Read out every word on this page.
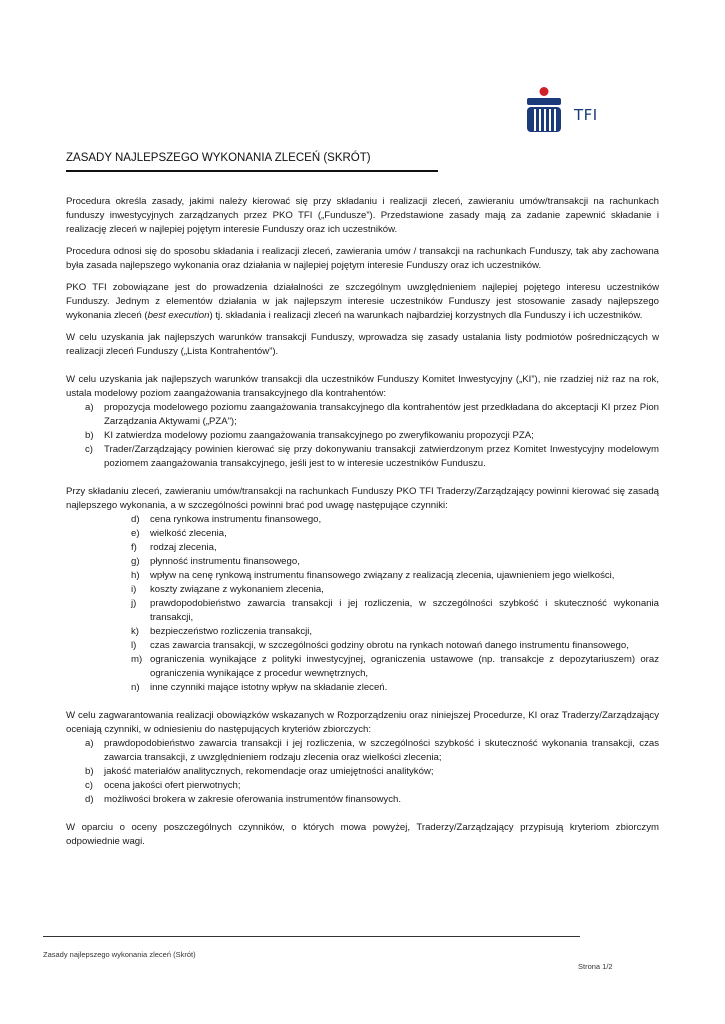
TFI
ZASADY NAJLEPSZEGO WYKONANIA ZLECEŃ (SKRÓT)

Procedura określa zasady, jakimi należy kierować się przy składaniu i realizacji zleceń, zawieraniu umów/transakcji na rachunkach funduszy inwestycyjnych zarządzanych przez PKO TFI („Fundusze”). Przedstawione zasady mają za zadanie zapewnić składanie i realizację zleceń w najlepiej pojętym interesie Funduszy oraz ich uczestników.

Procedura odnosi się do sposobu składania i realizacji zleceń, zawierania umów / transakcji na rachunkach Funduszy, tak aby zachowana była zasada najlepszego wykonania oraz działania w najlepiej pojętym interesie Funduszy oraz ich uczestników.

PKO TFI zobowiązane jest do prowadzenia działalności ze szczególnym uwzględnieniem najlepiej pojętego interesu uczestników Funduszy. Jednym z elementów działania w jak najlepszym interesie uczestników Funduszy jest stosowanie zasady najlepszego wykonania zleceń (best execution) tj. składania i realizacji zleceń na warunkach najbardziej korzystnych dla Funduszy i ich uczestników.

W celu uzyskania jak najlepszych warunków transakcji Funduszy, wprowadza się zasady ustalania listy podmiotów pośredniczących w realizacji zleceń Funduszy („Lista Kontrahentów”).

W celu uzyskania jak najlepszych warunków transakcji dla uczestników Funduszy Komitet Inwestycyjny („KI”), nie rzadziej niż raz na rok, ustala modelowy poziom zaangażowania transakcyjnego dla kontrahentów:

a) propozycja modelowego poziomu zaangażowania transakcyjnego dla kontrahentów jest przedkładana do akceptacji KI przez Pion Zarządzania Aktywami („PZA”);
b) KI zatwierdza modelowy poziomu zaangażowania transakcyjnego po zweryfikowaniu propozycji PZA;
c) Trader/Zarządzający powinien kierować się przy dokonywaniu transakcji zatwierdzonym przez Komitet Inwestycyjny modelowym poziomem zaangażowania transakcyjnego, jeśli jest to w interesie uczestników Funduszu.

Przy składaniu zleceń, zawieraniu umów/transakcji na rachunkach Funduszy PKO TFI Traderzy/Zarządzający powinni kierować się zasadą najlepszego wykonania, a w szczególności powinni brać pod uwagę następujące czynniki:

d) cena rynkowa instrumentu finansowego,
e) wielkość zlecenia,
f) rodzaj zlecenia,
g) płynność instrumentu finansowego,
h) wpływ na cenę rynkową instrumentu finansowego związany z realizacją zlecenia, ujawnieniem jego wielkości,
i) koszty związane z wykonaniem zlecenia,
j) prawdopodobieństwo zawarcia transakcji i jej rozliczenia, w szczególności szybkość i skuteczność wykonania transakcji,
k) bezpieczeństwo rozliczenia transakcji,
l) czas zawarcia transakcji, w szczególności godziny obrotu na rynkach notowań danego instrumentu finansowego,
m) ograniczenia wynikające z polityki inwestycyjnej, ograniczenia ustawowe (np. transakcje z depozytariuszem) oraz ograniczenia wynikające z procedur wewnętrznych,
n) inne czynniki mające istotny wpływ na składanie zleceń.

W celu zagwarantowania realizacji obowiązków wskazanych w Rozporządzeniu oraz niniejszej Procedurze, KI oraz Traderzy/Zarządzający oceniają czynniki, w odniesieniu do następujących kryteriów zbiorczych:

a) prawdopodobieństwo zawarcia transakcji i jej rozliczenia, w szczególności szybkość i skuteczność wykonania transakcji, czas zawarcia transakcji, z uwzględnieniem rodzaju zlecenia oraz wielkości zlecenia;
b) jakość materiałów analitycznych, rekomendacje oraz umiejętności analityków;
c) ocena jakości ofert pierwotnych;
d) możliwości brokera w zakresie oferowania instrumentów finansowych.

W oparciu o oceny poszczególnych czynników, o których mowa powyżej, Traderzy/Zarządzający przypisują kryteriom zbiorczym odpowiednie wagi.

Zasady najlepszego wykonania zleceń (Skrót)
Strona 1/2
